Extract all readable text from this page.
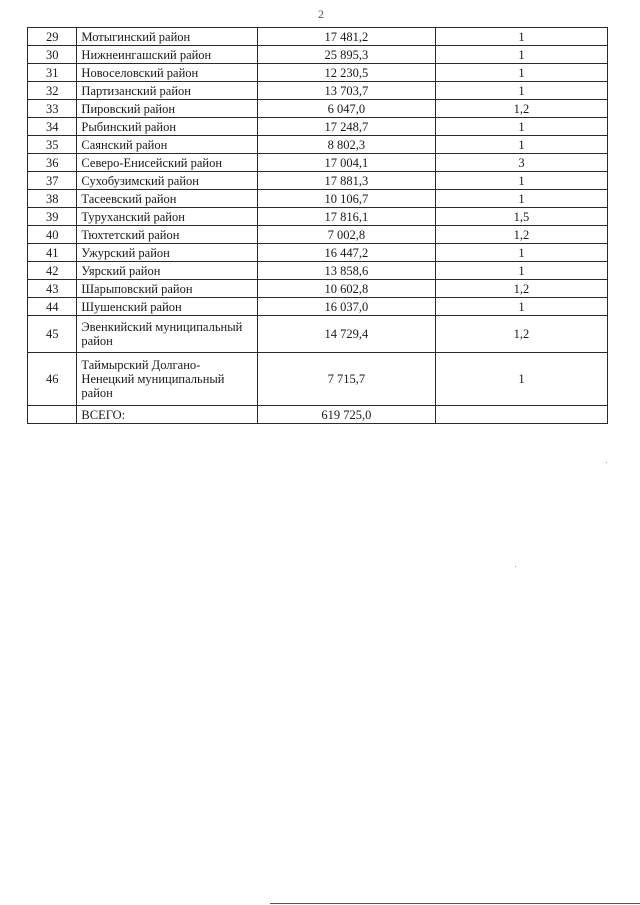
2
29	Мотыгинский район	17 481,2	1
30	Нижнеингашский район	25 895,3	1
31	Новоселовский район	12 230,5	1
32	Партизанский район	13 703,7	1
33	Пировский район	6 047,0	1,2
34	Рыбинский район	17 248,7	1
35	Саянский район	8 802,3	1
36	Северо-Енисейский район	17 004,1	3
37	Сухобузимский район	17 881,3	1
38	Тасеевский район	10 106,7	1
39	Туруханский район	17 816,1	1,5
40	Тюхтетский район	7 002,8	1,2
41	Ужурский район	16 447,2	1
42	Уярский район	13 858,6	1
43	Шарыповский район	10 602,8	1,2
44	Шушенский район	16 037,0	1
45	Эвенкийский муниципальный район	14 729,4	1,2
46	Таймырский Долгано-Ненецкий муниципальный район	7 715,7	1
	ВСЕГО:	619 725,0	
